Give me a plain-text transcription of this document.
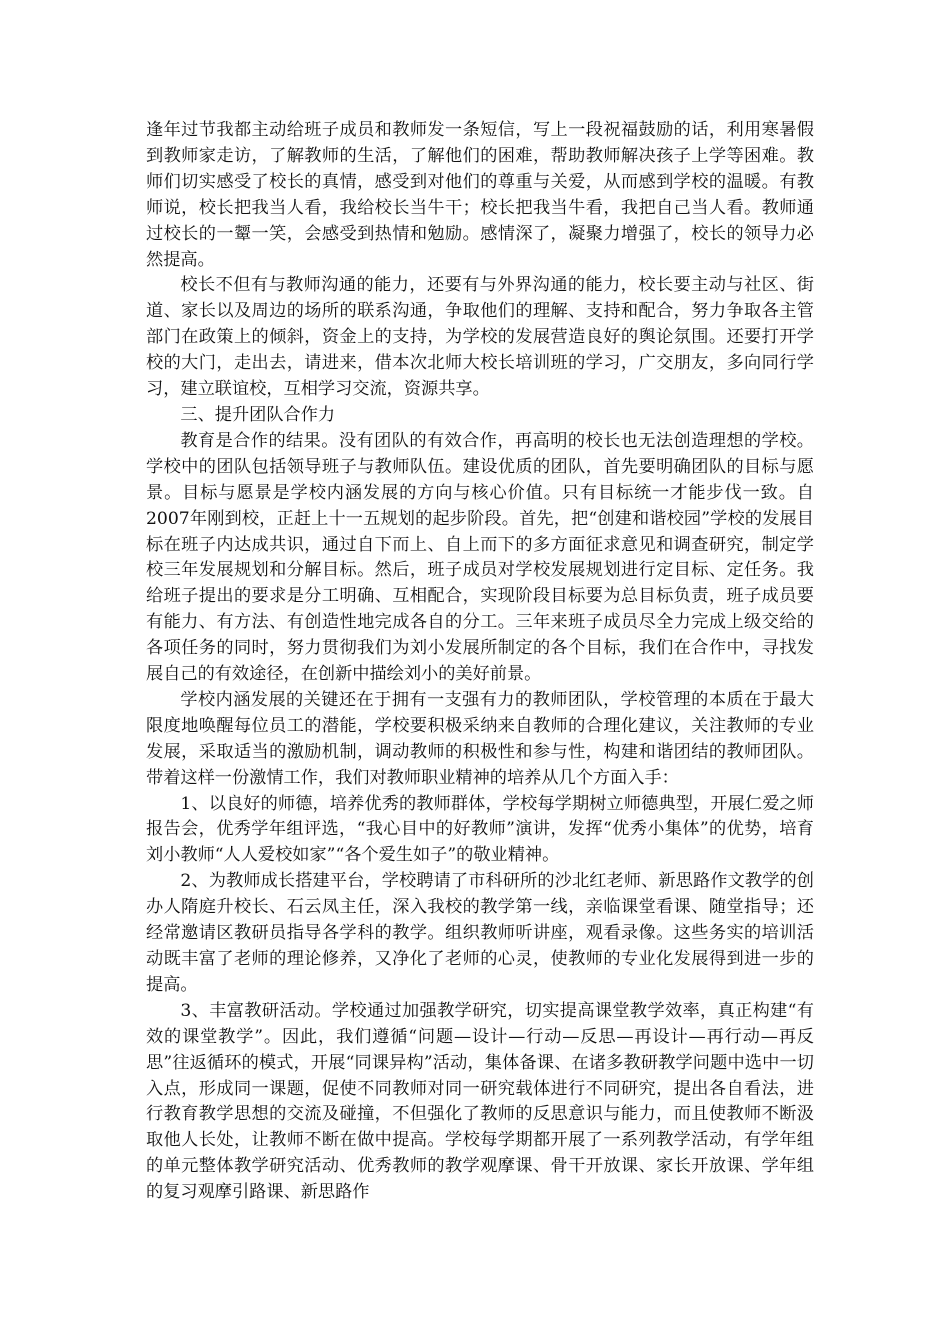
逢年过节我都主动给班子成员和教师发一条短信，写上一段祝福鼓励的话，利用寒暑假到教师家走访，了解教师的生活，了解他们的困难，帮助教师解决孩子上学等困难。教师们切实感受了校长的真情，感受到对他们的尊重与关爱，从而感到学校的温暖。有教师说，校长把我当人看，我给校长当牛干；校长把我当牛看，我把自己当人看。教师通过校长的一颦一笑，会感受到热情和勉励。感情深了，凝聚力增强了，校长的领导力必然提高。

校长不但有与教师沟通的能力，还要有与外界沟通的能力，校长要主动与社区、街道、家长以及周边的场所的联系沟通，争取他们的理解、支持和配合，努力争取各主管部门在政策上的倾斜，资金上的支持，为学校的发展营造良好的舆论氛围。还要打开学校的大门，走出去，请进来，借本次北师大校长培训班的学习，广交朋友，多向同行学习，建立联谊校，互相学习交流，资源共享。

三、提升团队合作力

教育是合作的结果。没有团队的有效合作，再高明的校长也无法创造理想的学校。学校中的团队包括领导班子与教师队伍。建设优质的团队，首先要明确团队的目标与愿景。目标与愿景是学校内涵发展的方向与核心价值。只有目标统一才能步伐一致。自2007年刚到校，正赶上十一五规划的起步阶段。首先，把“创建和谐校园”学校的发展目标在班子内达成共识，通过自下而上、自上而下的多方面征求意见和调查研究，制定学校三年发展规划和分解目标。然后，班子成员对学校发展规划进行定目标、定任务。我给班子提出的要求是分工明确、互相配合，实现阶段目标要为总目标负责，班子成员要有能力、有方法、有创造性地完成各自的分工。三年来班子成员尽全力完成上级交给的各项任务的同时，努力贯彻我们为刘小发展所制定的各个目标，我们在合作中，寻找发展自己的有效途径，在创新中描绘刘小的美好前景。

学校内涵发展的关键还在于拥有一支强有力的教师团队，学校管理的本质在于最大限度地唤醒每位员工的潜能，学校要积极采纳来自教师的合理化建议，关注教师的专业发展，采取适当的激励机制，调动教师的积极性和参与性，构建和谐团结的教师团队。带着这样一份激情工作，我们对教师职业精神的培养从几个方面入手：

1、以良好的师德，培养优秀的教师群体，学校每学期树立师德典型，开展仁爱之师报告会，优秀学年组评选，“我心目中的好教师”演讲，发挥“优秀小集体”的优势，培育刘小教师“人人爱校如家”“各个爱生如子”的敬业精神。

2、为教师成长搭建平台，学校聘请了市科研所的沙北红老师、新思路作文教学的创办人隋庭升校长、石云凤主任，深入我校的教学第一线，亲临课堂看课、随堂指导；还经常邀请区教研员指导各学科的教学。组织教师听讲座，观看录像。这些务实的培训活动既丰富了老师的理论修养，又净化了老师的心灵，使教师的专业化发展得到进一步的提高。

3、丰富教研活动。学校通过加强教学研究，切实提高课堂教学效率，真正构建“有效的课堂教学”。因此，我们遵循“问题—设计—行动—反思—再设计—再行动—再反思”往返循环的模式，开展“同课异构”活动，集体备课、在诸多教研教学问题中选中一切入点，形成同一课题，促使不同教师对同一研究载体进行不同研究，提出各自看法，进行教育教学思想的交流及碰撞，不但强化了教师的反思意识与能力，而且使教师不断汲取他人长处，让教师不断在做中提高。学校每学期都开展了一系列教学活动，有学年组的单元整体教学研究活动、优秀教师的教学观摩课、骨干开放课、家长开放课、学年组的复习观摩引路课、新思路作
